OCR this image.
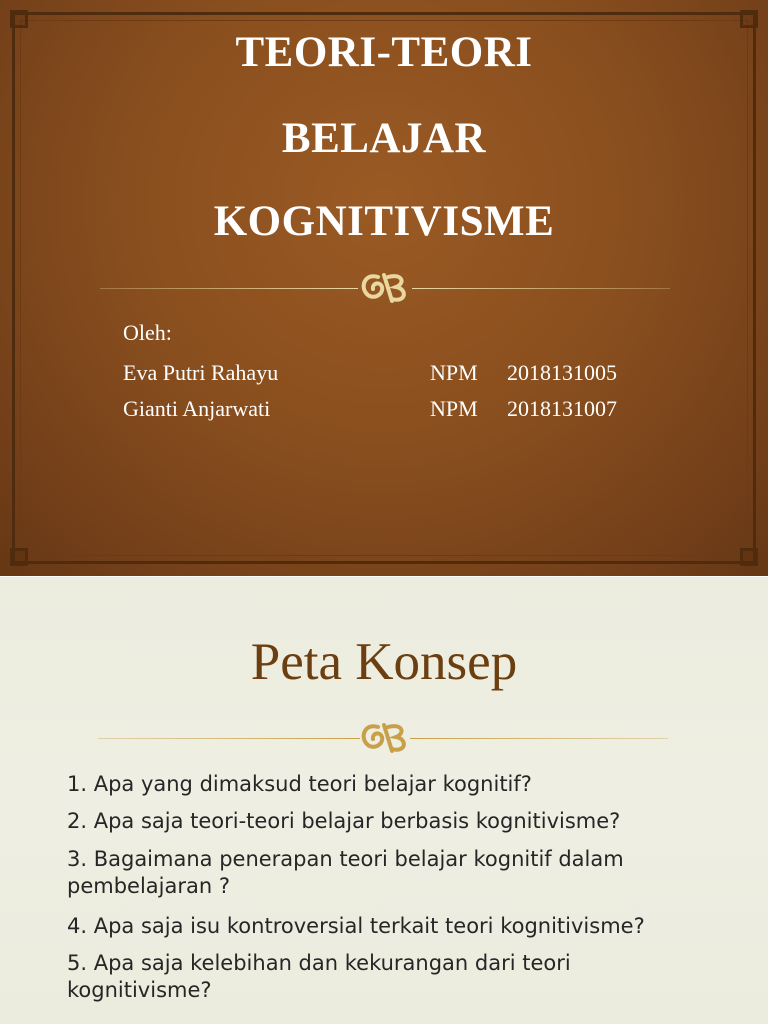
TEORI-TEORI
BELAJAR
KOGNITIVISME
Oleh:
Eva Putri Rahayu	NPM 2018131005
Gianti Anjarwati	NPM 2018131007
Peta Konsep
1. Apa yang dimaksud teori belajar kognitif?
2. Apa saja teori-teori belajar berbasis kognitivisme?
3. Bagaimana penerapan teori belajar kognitif dalam
pembelajaran ?
4. Apa saja isu kontroversial terkait teori kognitivisme?
5. Apa saja kelebihan dan kekurangan dari teori
kognitivisme?
